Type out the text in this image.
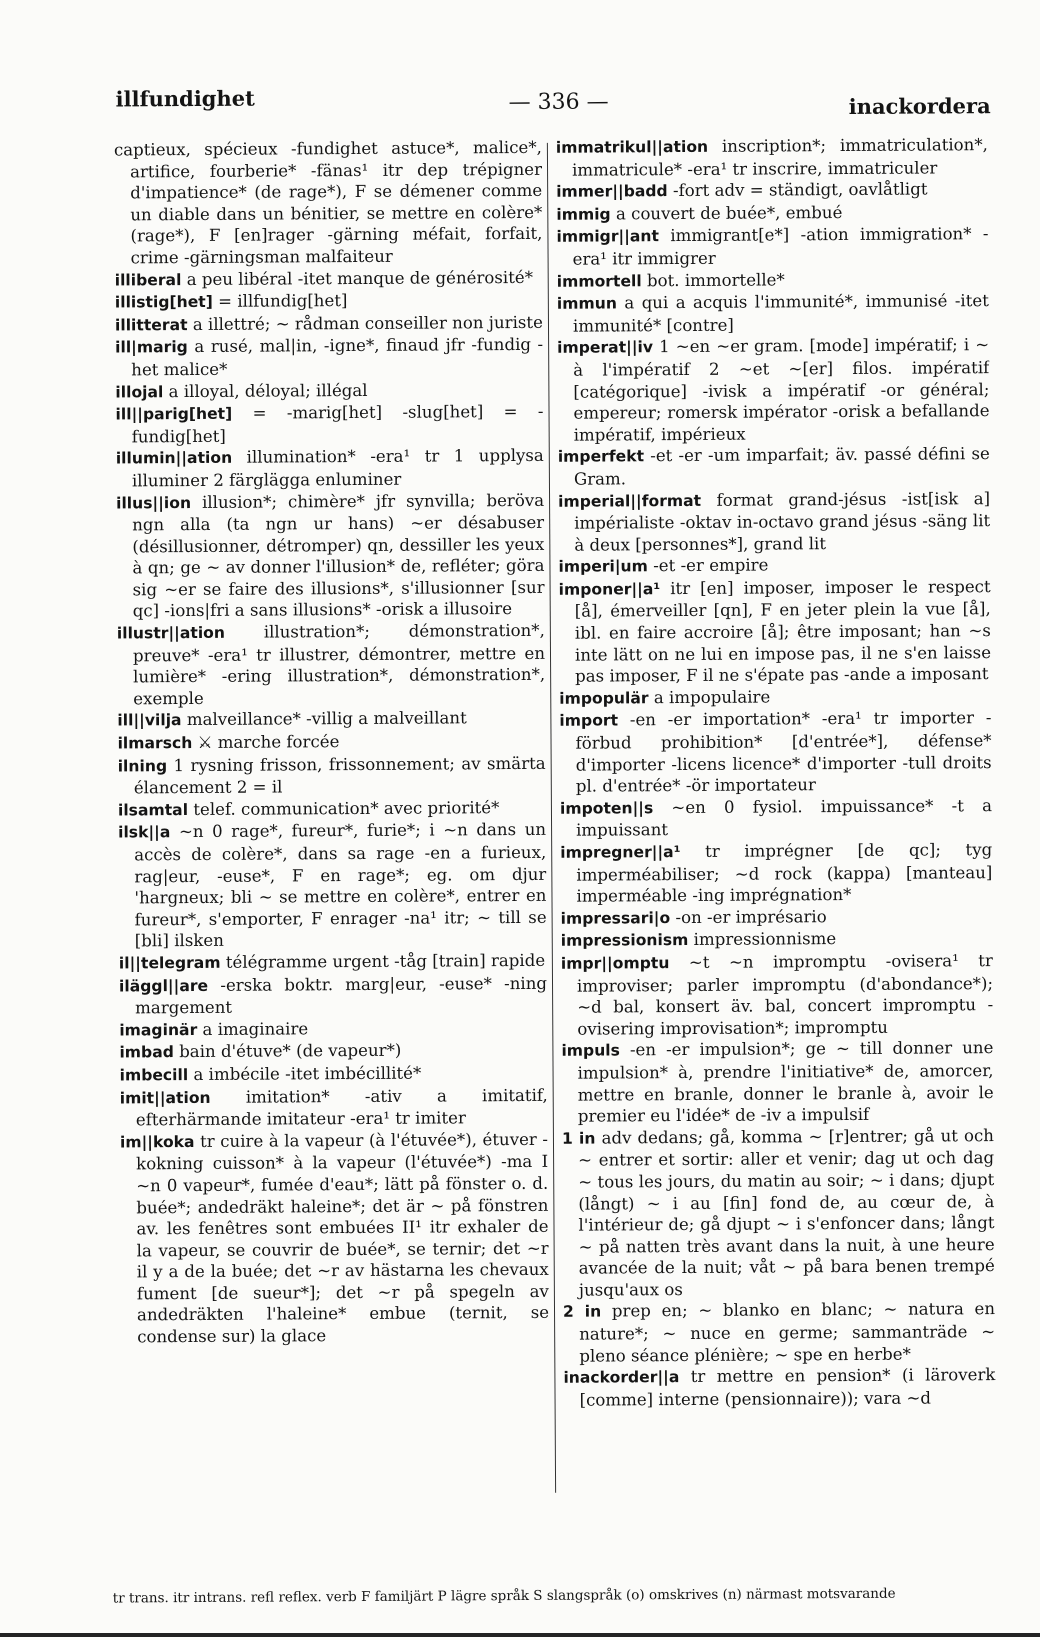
illfundighet	— 336 —	inackordera

captieux, spécieux -fundighet astuce*, malice*, artifice, fourberie* -fänas¹ itr dep trépigner d'impatience* (de rage*), F se démener comme un diable dans un bénitier, se mettre en colère* (rage*), F [en]rager -gärning méfait, forfait, crime -gärningsman malfaiteur

illiberal a peu libéral -itet manque de générosité*

illistig[het] = illfundig[het]

illitterat a illettré; ~ rådman conseiller non juriste

ill|marig a rusé, mal|in, -igne*, finaud jfr -fundig -het malice*

illojal a illoyal, déloyal; illégal

ill||parig[het] = -marig[het] -slug[het] = -fundig[het]

illumin||ation illumination* -era¹ tr 1 upplysa illuminer 2 färglägga enluminer

illus||ion illusion*; chimère* jfr synvilla; beröva ngn alla (ta ngn ur hans) ~er désabuser (désillusionner, détromper) qn, dessiller les yeux à qn; ge ~ av donner l'illusion* de, refléter; göra sig ~er se faire des illusions*, s'illusionner [sur qc] -ions|fri a sans illusions* -orisk a illusoire

illustr||ation illustration*; démonstration*, preuve* -era¹ tr illustrer, démontrer, mettre en lumière* -ering illustration*, démonstration*, exemple

ill||vilja malveillance* -villig a malveillant

ilmarsch ⚔ marche forcée

ilning 1 rysning frisson, frissonnement; av smärta élancement 2 = il

ilsamtal telef. communication* avec priorité*

ilsk||a ~n 0 rage*, fureur*, furie*; i ~n dans un accès de colère*, dans sa rage -en a furieux, rag|eur, -euse*, F en rage*; eg. om djur 'hargneux; bli ~ se mettre en colère*, entrer en fureur*, s'emporter, F enrager -na¹ itr; ~ till se [bli] ilsken

il||telegram télégramme urgent -tåg [train] rapide

iläggl||are -erska boktr. marg|eur, -euse* -ning margement

imaginär a imaginaire

imbad bain d'étuve* (de vapeur*)

imbecill a imbécile -itet imbécillité*

imit||ation imitation* -ativ a imitatif, efterhärmande imitateur -era¹ tr imiter

im||koka tr cuire à la vapeur (à l'étuvée*), étuver -kokning cuisson* à la vapeur (l'étuvée*) -ma I ~n 0 vapeur*, fumée d'eau*; lätt på fönster o. d. buée*; andedräkt haleine*; det är ~ på fönstren av. les fenêtres sont embuées II¹ itr exhaler de la vapeur, se couvrir de buée*, se ternir; det ~r il y a de la buée; det ~r av hästarna les chevaux fument [de sueur*]; det ~r på spegeln av andedräkten l'haleine* embue (ternit, se condense sur) la glace

immatrikul||ation inscription*; immatriculation*, immatricule* -era¹ tr inscrire, immatriculer

immer||badd -fort adv = ständigt, oavlåtligt

immig a couvert de buée*, embué

immigr||ant immigrant[e*] -ation immigration* -era¹ itr immigrer

immortell bot. immortelle*

immun a qui a acquis l'immunité*, immunisé -itet immunité* [contre]

imperat||iv 1 ~en ~er gram. [mode] impératif; i ~ à l'impératif 2 ~et ~[er] filos. impératif [catégorique] -ivisk a impératif -or général; empereur; romersk impérator -orisk a befallande impératif, impérieux

imperfekt -et -er -um imparfait; äv. passé défini se Gram.

imperial||format format grand-jésus -ist[isk a] impérialiste -oktav in-octavo grand jésus -säng lit à deux [personnes*], grand lit

imperi|um -et -er empire

imponer||a¹ itr [en] imposer, imposer le respect [å], émerveiller [qn], F en jeter plein la vue [å], ibl. en faire accroire [å]; être imposant; han ~s inte lätt on ne lui en impose pas, il ne s'en laisse pas imposer, F il ne s'épate pas -ande a imposant

impopulär a impopulaire

import -en -er importation* -era¹ tr importer -förbud prohibition* [d'entrée*], défense* d'importer -licens licence* d'importer -tull droits pl. d'entrée* -ör importateur

impoten||s ~en 0 fysiol. impuissance* -t a impuissant

impregner||a¹ tr imprégner [de qc]; tyg imperméabiliser; ~d rock (kappa) [manteau] imperméable -ing imprégnation*

impressari|o -on -er imprésario

impressionism impressionnisme

impr||omptu ~t ~n impromptu -ovisera¹ tr improviser; parler impromptu (d'abondance*); ~d bal, konsert äv. bal, concert impromptu -ovisering improvisation*; impromptu

impuls -en -er impulsion*; ge ~ till donner une impulsion* à, prendre l'initiative* de, amorcer, mettre en branle, donner le branle à, avoir le premier eu l'idée* de -iv a impulsif

1 in adv dedans; gå, komma ~ [r]entrer; gå ut och ~ entrer et sortir: aller et venir; dag ut och dag ~ tous les jours, du matin au soir; ~ i dans; djupt (långt) ~ i au [fin] fond de, au cœur de, à l'intérieur de; gå djupt ~ i s'enfoncer dans; långt ~ på natten très avant dans la nuit, à une heure avancée de la nuit; våt ~ på bara benen trempé jusqu'aux os

2 in prep en; ~ blanko en blanc; ~ natura en nature*; ~ nuce en germe; sammanträde ~ pleno séance plénière; ~ spe en herbe*

inackorder||a tr mettre en pension* (i läroverk [comme] interne (pensionnaire)); vara ~d

tr trans. itr intrans. refl reflex. verb F familjärt P lägre språk S slangspråk (o) omskrives (n) närmast motsvarande
